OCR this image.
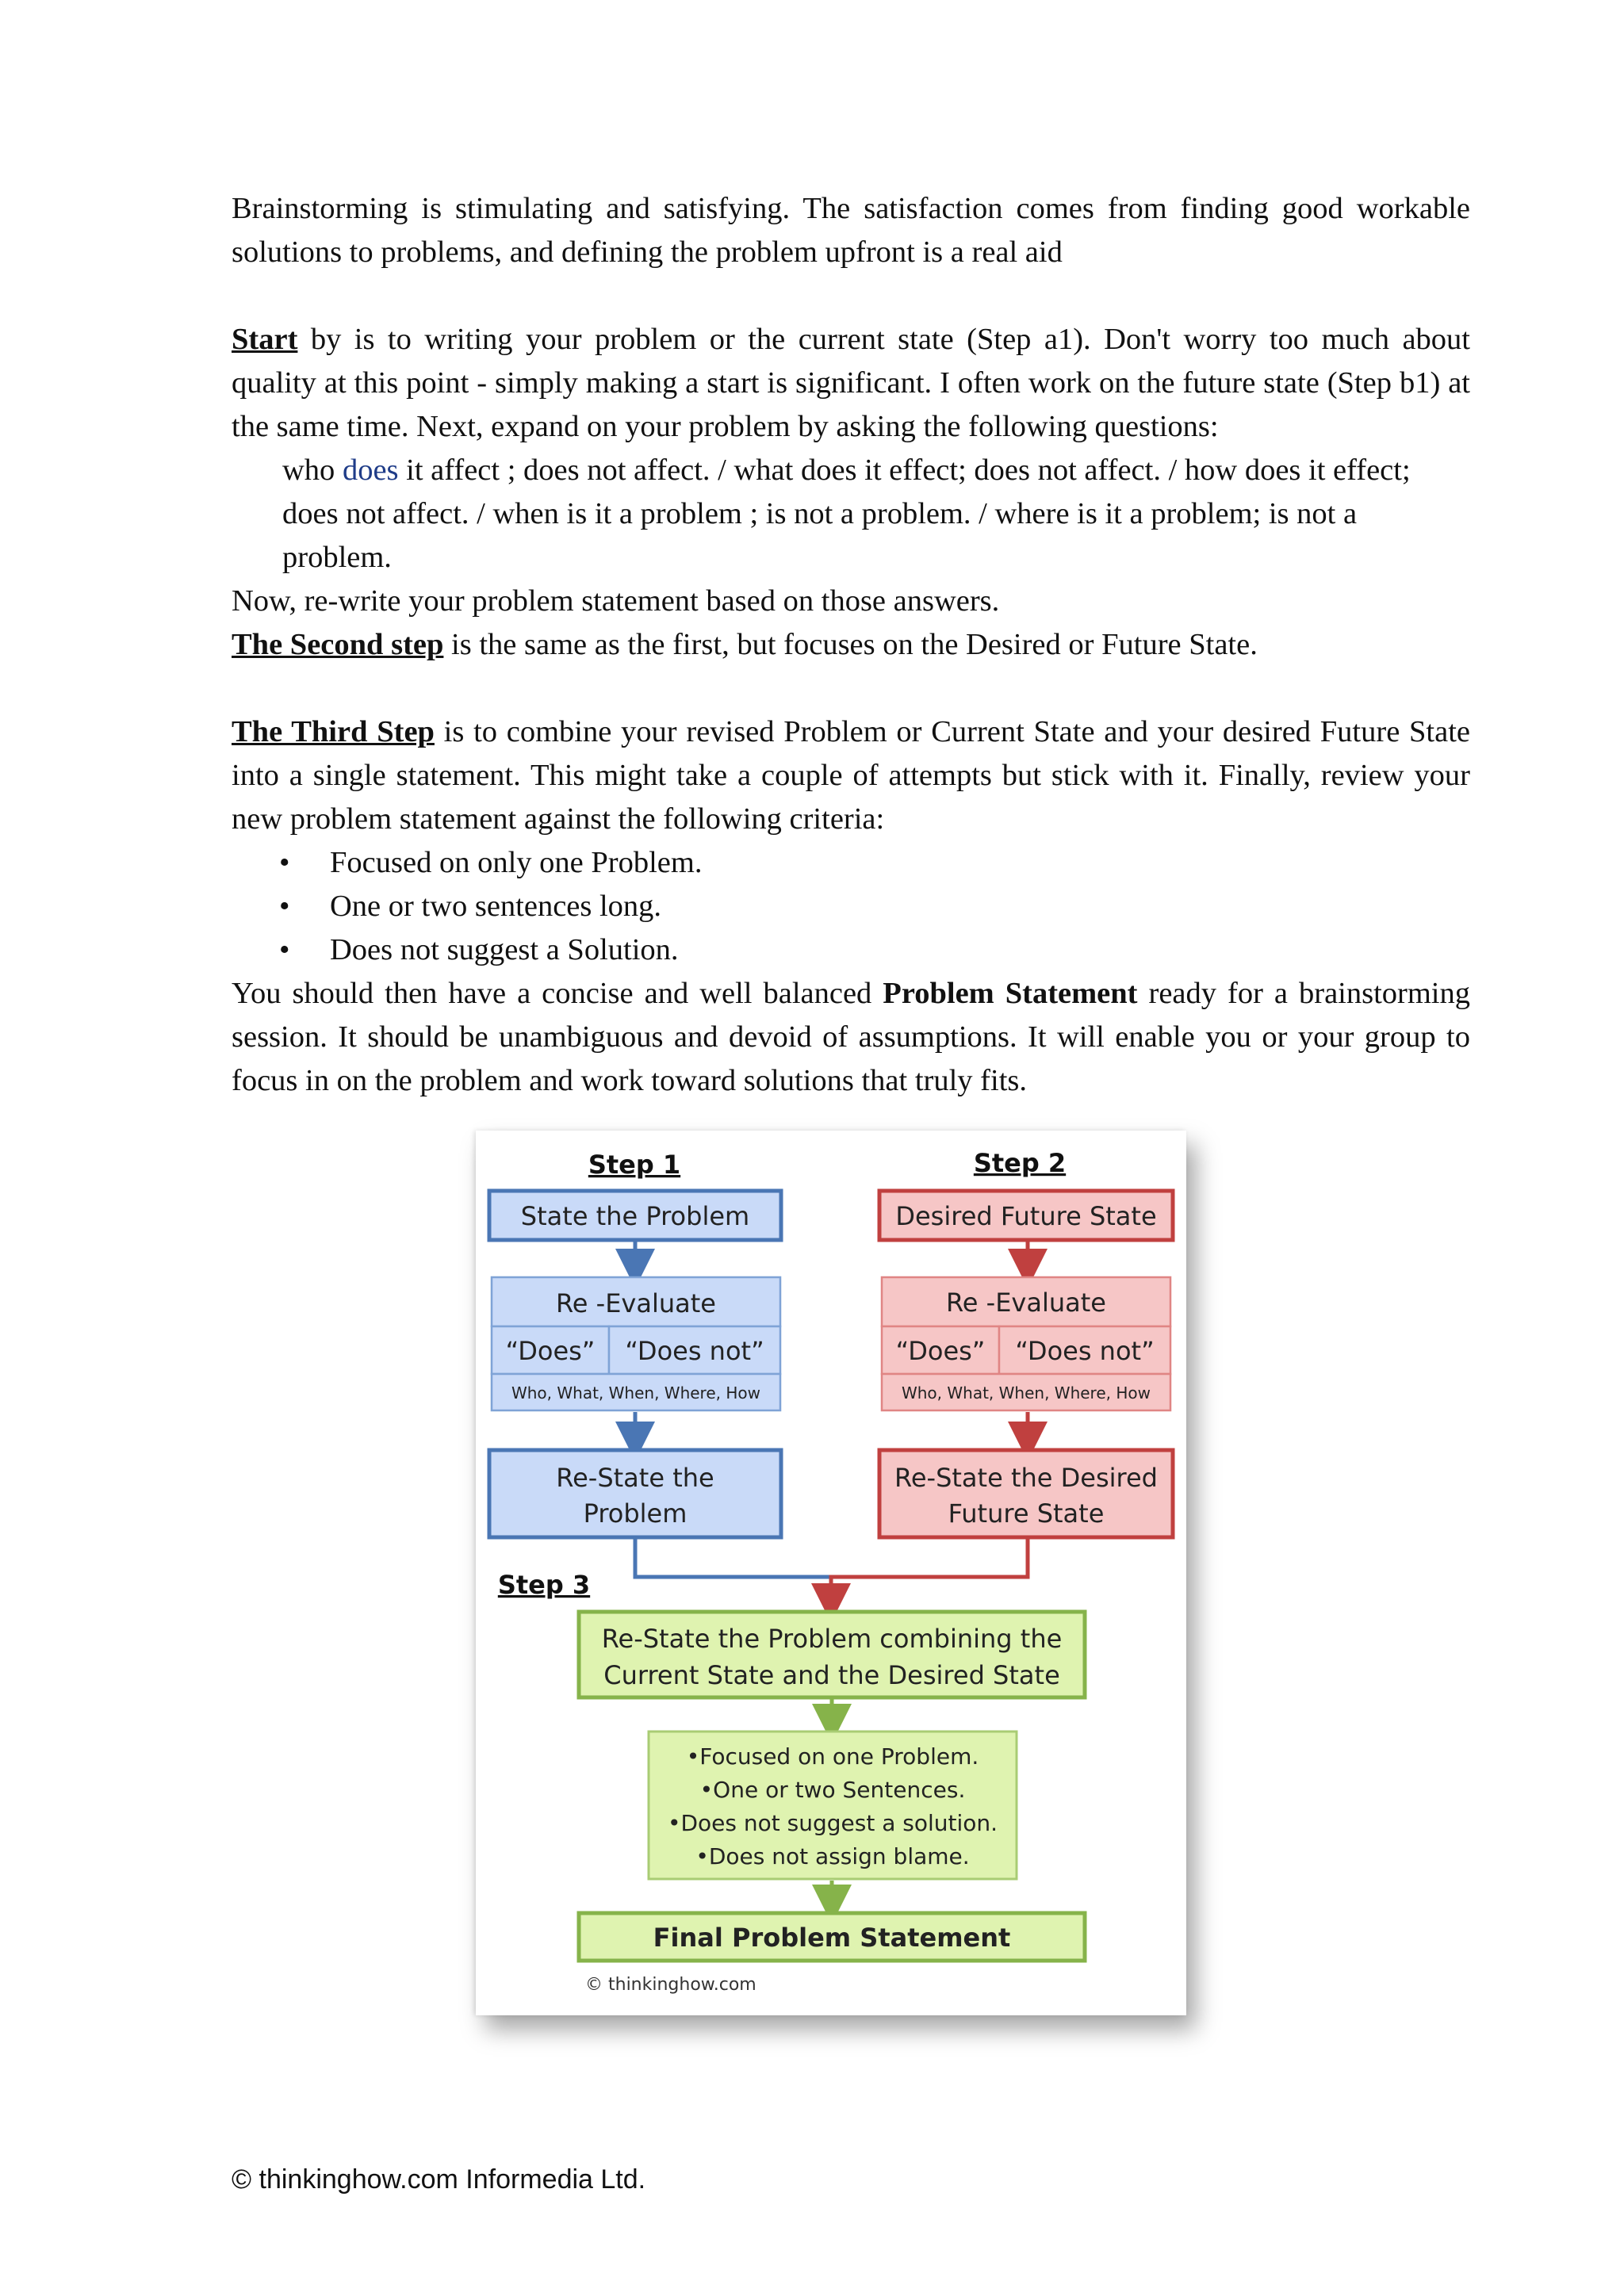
Brainstorming is stimulating and satisfying. The satisfaction comes from finding good workable solutions to problems, and defining the problem upfront is a real aid

Start by is to writing your problem or the current state (Step a1). Don't worry too much about quality at this point - simply making a start is significant. I often work on the future state (Step b1) at the same time. Next, expand on your problem by asking the following questions:

who does it affect ; does not affect. / what does it effect; does not affect. / how does it effect; does not affect. / when is it a problem ; is not a problem. / where is it a problem; is not a problem.

Now, re-write your problem statement based on those answers.

The Second step is the same as the first, but focuses on the Desired or Future State.

The Third Step is to combine your revised Problem or Current State and your desired Future State into a single statement. This might take a couple of attempts but stick with it. Finally, review your new problem statement against the following criteria:

• Focused on only one Problem.
• One or two sentences long.
• Does not suggest a Solution.

You should then have a concise and well balanced Problem Statement ready for a brainstorming session. It should be unambiguous and devoid of assumptions. It will enable you or your group to focus in on the problem and work toward solutions that truly fits.

Step 1	Step 2
State the Problem
Re -Evaluate
“Does” “Does not”
Who, What, When, Where, How
Re-State the
Problem
Desired Future State
Re -Evaluate
“Does” “Does not”
Who, What, When, Where, How
Re-State the Desired
Future State
Step 3
Re-State the Problem combining the
Current State and the Desired State
•Focused on one Problem.
•One or two Sentences.
•Does not suggest a solution.
•Does not assign blame.
Final Problem Statement
© thinkinghow.com
© thinkinghow.com Informedia Ltd.
